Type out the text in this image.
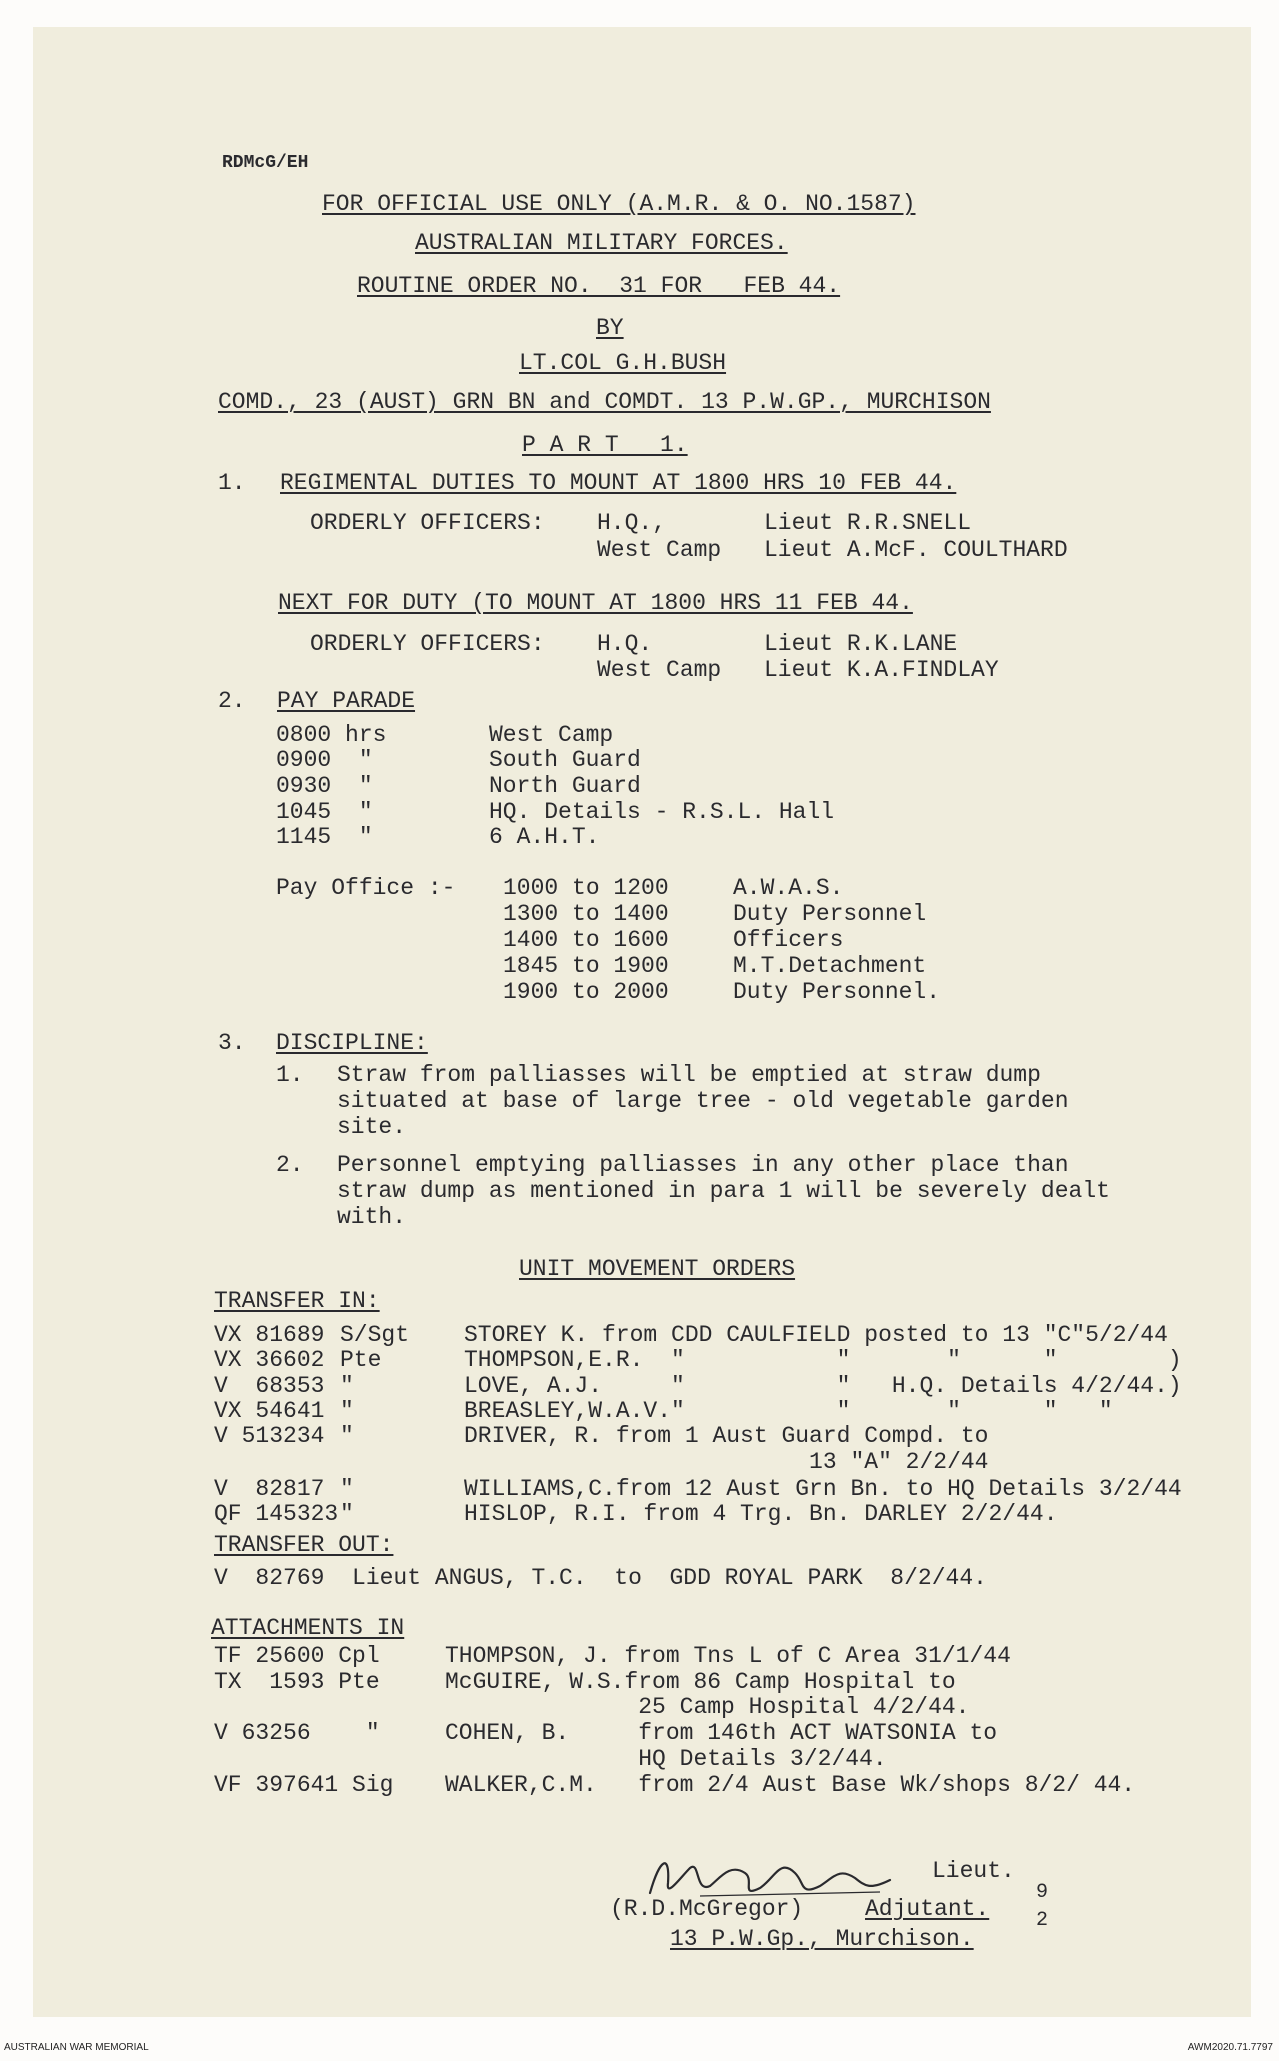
RDMcG/EH
FOR OFFICIAL USE ONLY (A.M.R. & O. NO.1587)
AUSTRALIAN MILITARY FORCES.
ROUTINE ORDER NO.  31 FOR   FEB 44.
BY
LT.COL G.H.BUSH
COMD., 23 (AUST) GRN BN and COMDT. 13 P.W.GP., MURCHISON
P A R T   1.
1. REGIMENTAL DUTIES TO MOUNT AT 1800 HRS 10 FEB 44.
ORDERLY OFFICERS: H.Q.,	Lieut R.R.SNELL
West Camp Lieut A.McF. COULTHARD
NEXT FOR DUTY (TO MOUNT AT 1800 HRS 11 FEB 44.
ORDERLY OFFICERS: H.Q.	Lieut R.K.LANE
West Camp Lieut K.A.FINDLAY
2. PAY PARADE
0800 hrs	West Camp
0900  "	South Guard
0930  "	North Guard
1045  "	HQ. Details - R.S.L. Hall
1145  "	6 A.H.T.
Pay Office :- 1000 to 1200	A.W.A.S.
1300 to 1400	Duty Personnel
1400 to 1600	Officers
1845 to 1900	M.T.Detachment
1900 to 2000	Duty Personnel.
3. DISCIPLINE:
1. Straw from palliasses will be emptied at straw dump
situated at base of large tree - old vegetable garden
site.
2. Personnel emptying palliasses in any other place than
straw dump as mentioned in para 1 will be severely dealt
with.
UNIT MOVEMENT ORDERS
TRANSFER IN:
VX 81689 S/Sgt STOREY K. from CDD CAULFIELD posted to 13 "C"5/2/44
VX 36602 Pte	THOMPSON,E.R.  "           "       "      "        )
V  68353 "	LOVE, A.J.     "           "   H.Q. Details 4/2/44.)
VX 54641 "	BREASLEY,W.A.V."           "       "      "   "
V 513234 "	DRIVER, R. from 1 Aust Guard Compd. to
13 "A" 2/2/44
V  82817 "	WILLIAMS,C.from 12 Aust Grn Bn. to HQ Details 3/2/44
QF 145323 "	HISLOP, R.I. from 4 Trg. Bn. DARLEY 2/2/44.
TRANSFER OUT:
V  82769  Lieut ANGUS, T.C.  to  GDD ROYAL PARK  8/2/44.
ATTACHMENTS IN
TF 25600 Cpl	THOMPSON, J. from Tns L of C Area 31/1/44
TX  1593 Pte	McGUIRE, W.S.from 86 Camp Hospital to
25 Camp Hospital 4/2/44.
V 63256    "	COHEN, B.     from 146th ACT WATSONIA to
HQ Details 3/2/44.
VF 397641 Sig WALKER,C.M.   from 2/4 Aust Base Wk/shops 8/2/ 44.
Lieut.
(R.D.McGregor)	Adjutant.
13 P.W.Gp., Murchison.
9
2
AUSTRALIAN WAR MEMORIAL	AWM2020.71.7797
